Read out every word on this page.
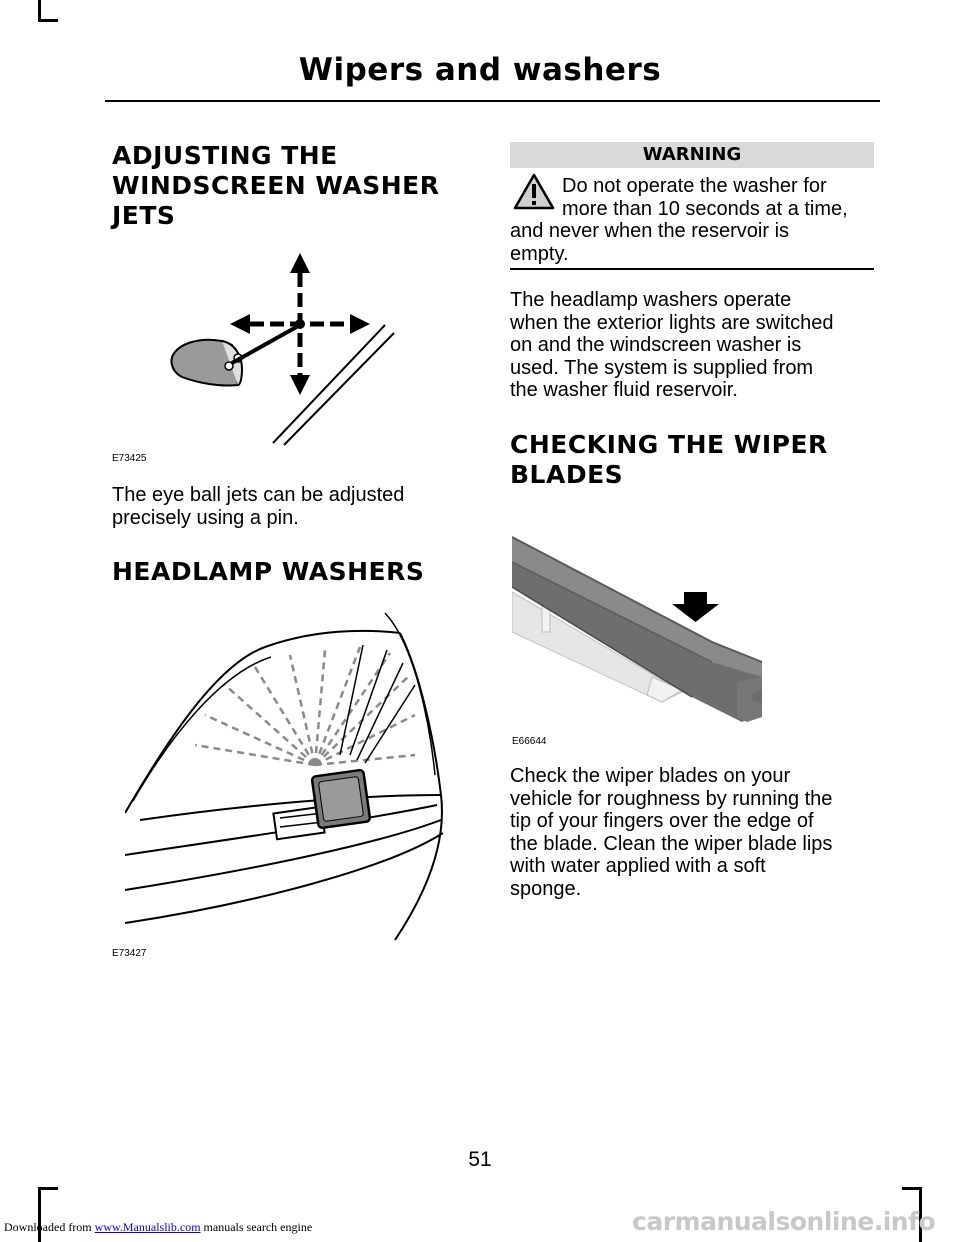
Wipers and washers
ADJUSTING THE
WINDSCREEN WASHER
JETS
E73425
The eye ball jets can be adjusted
precisely using a pin.
HEADLAMP WASHERS
E73427
WARNING
Do not operate the washer for
more than 10 seconds at a time,
and never when the reservoir is
empty.
The headlamp washers operate
when the exterior lights are switched
on and the windscreen washer is
used. The system is supplied from
the washer fluid reservoir.
CHECKING THE WIPER
BLADES
E66644
Check the wiper blades on your
vehicle for roughness by running the
tip of your fingers over the edge of
the blade. Clean the wiper blade lips
with water applied with a soft
sponge.
51
Downloaded from www.Manualslib.com manuals search engine	carmanualsonline.info
